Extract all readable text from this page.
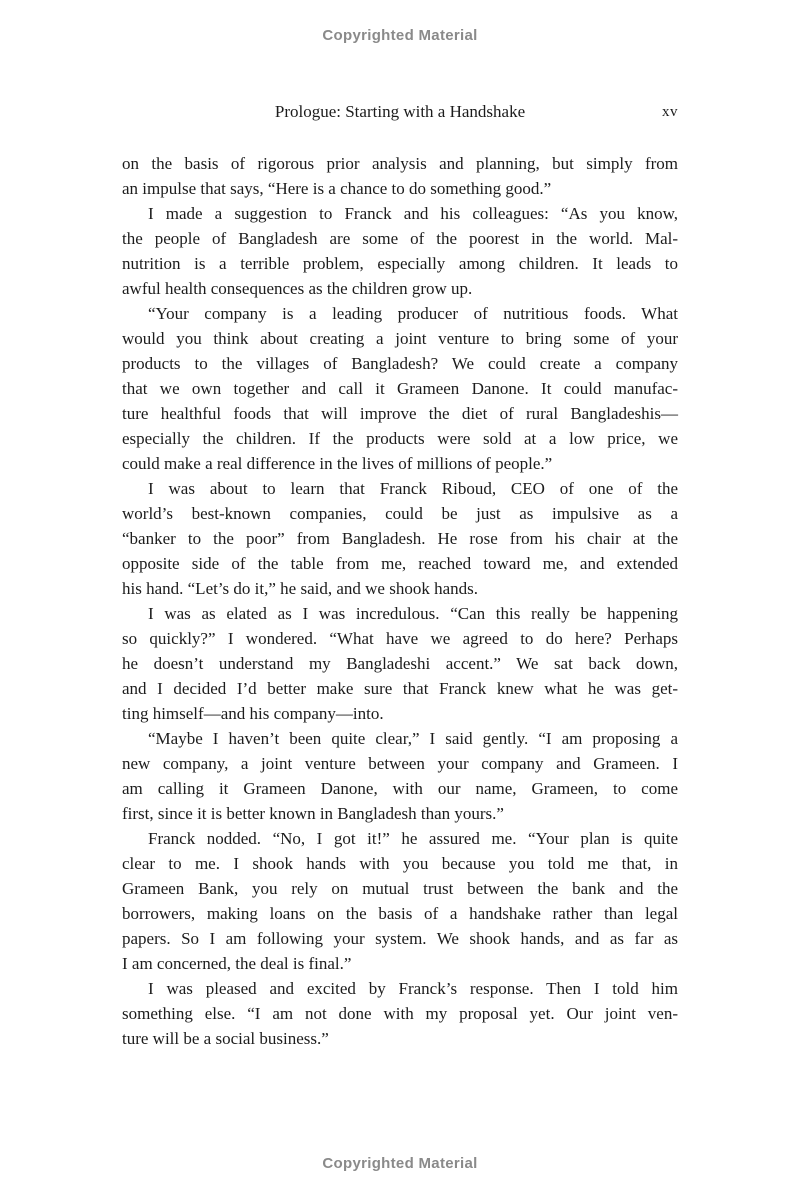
Copyrighted Material
Prologue: Starting with a Handshake	xv
on the basis of rigorous prior analysis and planning, but simply from
an impulse that says, “Here is a chance to do something good.”
I made a suggestion to Franck and his colleagues: “As you know,
the people of Bangladesh are some of the poorest in the world. Mal-
nutrition is a terrible problem, especially among children. It leads to
awful health consequences as the children grow up.
“Your company is a leading producer of nutritious foods. What
would you think about creating a joint venture to bring some of your
products to the villages of Bangladesh? We could create a company
that we own together and call it Grameen Danone. It could manufac-
ture healthful foods that will improve the diet of rural Bangladeshis—
especially the children. If the products were sold at a low price, we
could make a real difference in the lives of millions of people.”
I was about to learn that Franck Riboud, CEO of one of the
world’s best-known companies, could be just as impulsive as a
“banker to the poor” from Bangladesh. He rose from his chair at the
opposite side of the table from me, reached toward me, and extended
his hand. “Let’s do it,” he said, and we shook hands.
I was as elated as I was incredulous. “Can this really be happening
so quickly?” I wondered. “What have we agreed to do here? Perhaps
he doesn’t understand my Bangladeshi accent.” We sat back down,
and I decided I’d better make sure that Franck knew what he was get-
ting himself—and his company—into.
“Maybe I haven’t been quite clear,” I said gently. “I am proposing a
new company, a joint venture between your company and Grameen. I
am calling it Grameen Danone, with our name, Grameen, to come
first, since it is better known in Bangladesh than yours.”
Franck nodded. “No, I got it!” he assured me. “Your plan is quite
clear to me. I shook hands with you because you told me that, in
Grameen Bank, you rely on mutual trust between the bank and the
borrowers, making loans on the basis of a handshake rather than legal
papers. So I am following your system. We shook hands, and as far as
I am concerned, the deal is final.”
I was pleased and excited by Franck’s response. Then I told him
something else. “I am not done with my proposal yet. Our joint ven-
ture will be a social business.”
Copyrighted Material
